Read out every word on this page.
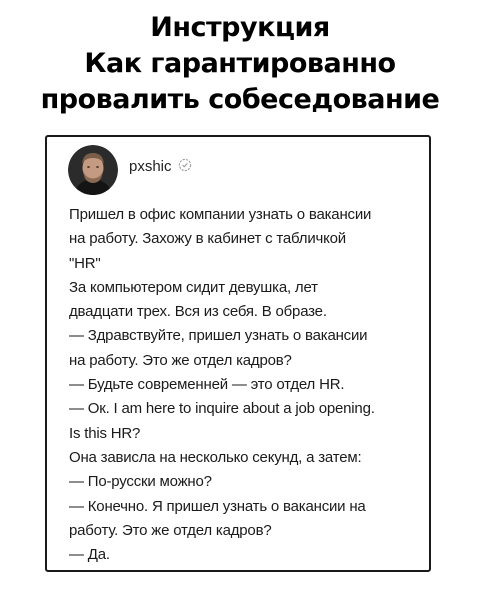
Инструкция
Как гарантированно
провалить собеседование
pxshic
Пришел в офис компании узнать о вакансии
на работу. Захожу в кабинет с табличкой
"HR"
За компьютером сидит девушка, лет
двадцати трех. Вся из себя. В образе.
— Здравствуйте, пришел узнать о вакансии
на работу. Это же отдел кадров?
— Будьте современней — это отдел HR.
— Ок. I am here to inquire about a job opening.
Is this HR?
Она зависла на несколько секунд, а затем:
— По-русски можно?
— Конечно. Я пришел узнать о вакансии на
работу. Это же отдел кадров?
— Да.
